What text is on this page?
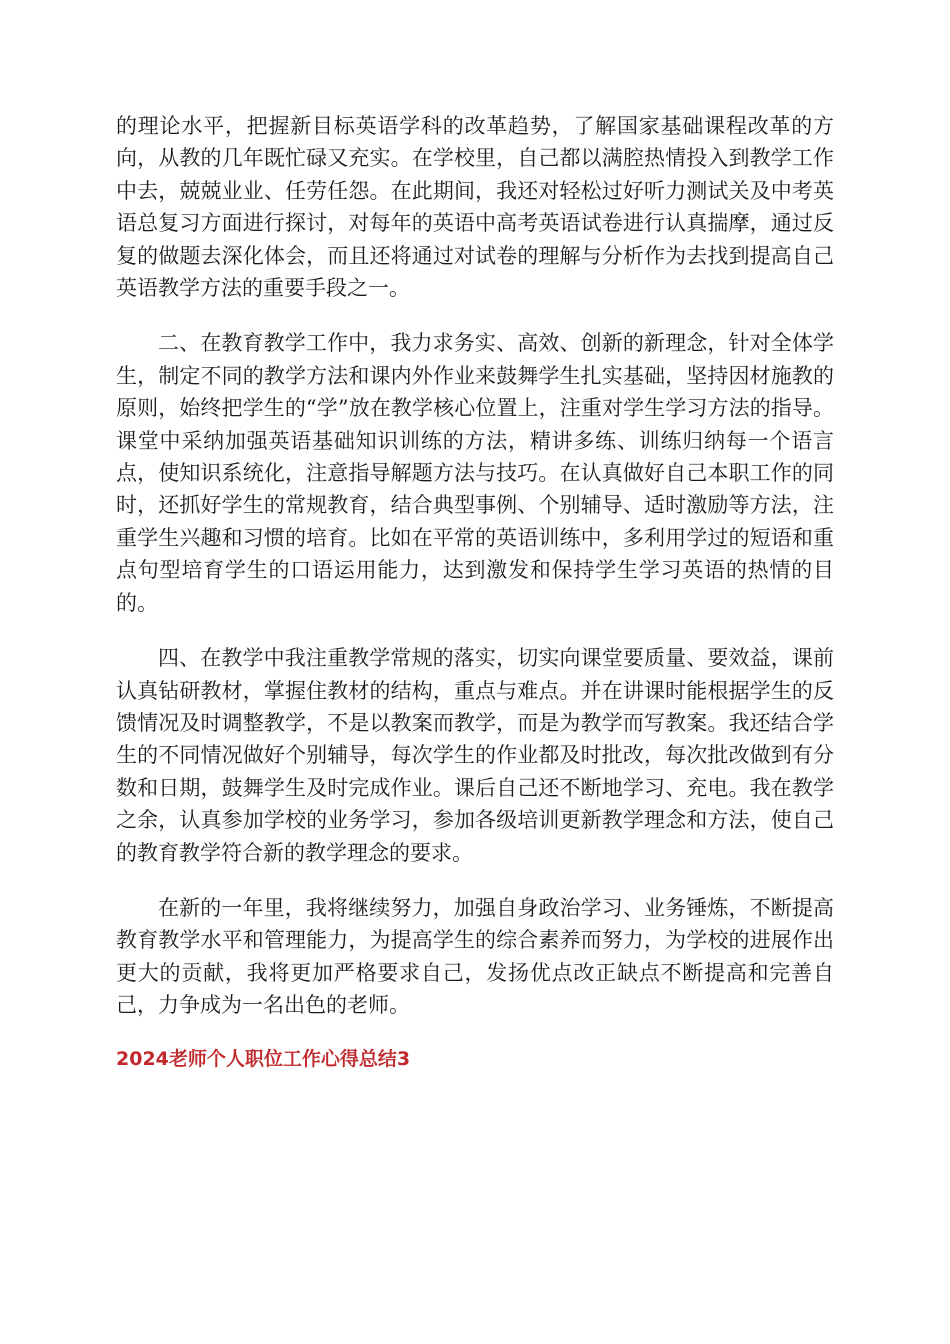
的理论水平，把握新目标英语学科的改革趋势，了解国家基础课程改革的方向，从教的几年既忙碌又充实。在学校里，自己都以满腔热情投入到教学工作中去，兢兢业业、任劳任怨。在此期间，我还对轻松过好听力测试关及中考英语总复习方面进行探讨，对每年的英语中高考英语试卷进行认真揣摩，通过反复的做题去深化体会，而且还将通过对试卷的理解与分析作为去找到提高自己英语教学方法的重要手段之一。

二、在教育教学工作中，我力求务实、高效、创新的新理念，针对全体学生，制定不同的教学方法和课内外作业来鼓舞学生扎实基础，坚持因材施教的原则，始终把学生的“学”放在教学核心位置上，注重对学生学习方法的指导。课堂中采纳加强英语基础知识训练的方法，精讲多练、训练归纳每一个语言点，使知识系统化，注意指导解题方法与技巧。在认真做好自己本职工作的同时，还抓好学生的常规教育，结合典型事例、个别辅导、适时激励等方法，注重学生兴趣和习惯的培育。比如在平常的英语训练中，多利用学过的短语和重点句型培育学生的口语运用能力，达到激发和保持学生学习英语的热情的目的。

四、在教学中我注重教学常规的落实，切实向课堂要质量、要效益，课前认真钻研教材，掌握住教材的结构，重点与难点。并在讲课时能根据学生的反馈情况及时调整教学，不是以教案而教学，而是为教学而写教案。我还结合学生的不同情况做好个别辅导，每次学生的作业都及时批改，每次批改做到有分数和日期，鼓舞学生及时完成作业。课后自己还不断地学习、充电。我在教学之余，认真参加学校的业务学习，参加各级培训更新教学理念和方法，使自己的教育教学符合新的教学理念的要求。

在新的一年里，我将继续努力，加强自身政治学习、业务锤炼，不断提高教育教学水平和管理能力，为提高学生的综合素养而努力，为学校的进展作出更大的贡献，我将更加严格要求自己，发扬优点改正缺点不断提高和完善自己，力争成为一名出色的老师。

2024老师个人职位工作心得总结3
